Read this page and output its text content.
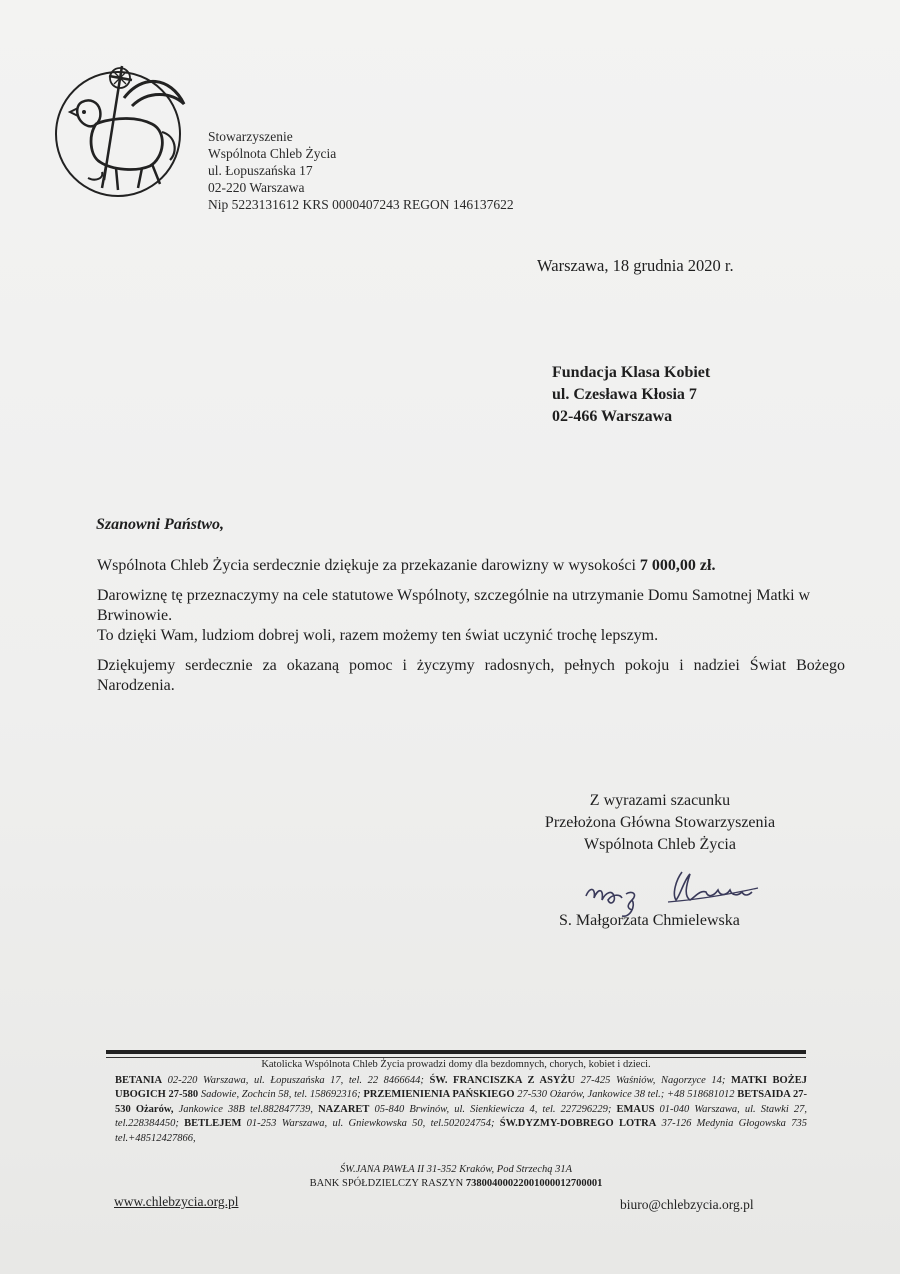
Stowarzyszenie
Wspólnota Chleb Życia
ul. Łopuszańska 17
02-220 Warszawa
Nip 5223131612 KRS 0000407243 REGON 146137622
Warszawa, 18 grudnia 2020 r.
Fundacja Klasa Kobiet
ul. Czesława Kłosia 7
02-466 Warszawa
Szanowni Państwo,

Wspólnota Chleb Życia serdecznie dziękuje za przekazanie darowizny w wysokości 7 000,00 zł.

Darowiznę tę przeznaczymy na cele statutowe Wspólnoty, szczególnie na utrzymanie Domu Samotnej Matki w Brwinowie.

To dzięki Wam, ludziom dobrej woli, razem możemy ten świat uczynić trochę lepszym.

Dziękujemy serdecznie za okazaną pomoc i życzymy radosnych, pełnych pokoju i nadziei Świat Bożego Narodzenia.

Z wyrazami szacunku
Przełożona Główna Stowarzyszenia
Wspólnota Chleb Życia
S. Małgorzata Chmielewska
Katolicka Wspólnota Chleb Życia prowadzi domy dla bezdomnych, chorych, kobiet i dzieci.
BETANIA 02-220 Warszawa, ul. Łopuszańska 17, tel. 22 8466644; ŚW. FRANCISZKA Z ASYŻU 27-425 Waśniów, Nagorzyce 14; MATKI BOŻEJ UBOGICH 27-580 Sadowie, Zochcin 58, tel. 158692316; PRZEMIENIENIA PAŃSKIEGO 27-530 Ożarów, Jankowice 38 tel.; +48 518681012 BETSAIDA 27-530 Ożarów, Jankowice 38B tel.882847739, NAZARET 05-840 Brwinów, ul. Sienkiewicza 4, tel. 227296229; EMAUS 01-040 Warszawa, ul. Stawki 27, tel.228384450; BETLEJEM 01-253 Warszawa, ul. Gniewkowska 50, tel.502024754; ŚW.DYZMY-DOBREGO LOTRA 37-126 Medynia Głogowska 735 tel.+48512427866,
ŚW.JANA PAWŁA II 31-352 Kraków, Pod Strzechą 31A
BANK SPÓŁDZIELCZY RASZYN 73800400022001000012700001
www.chlebzycia.org.pl	biuro@chlebzycia.org.pl
